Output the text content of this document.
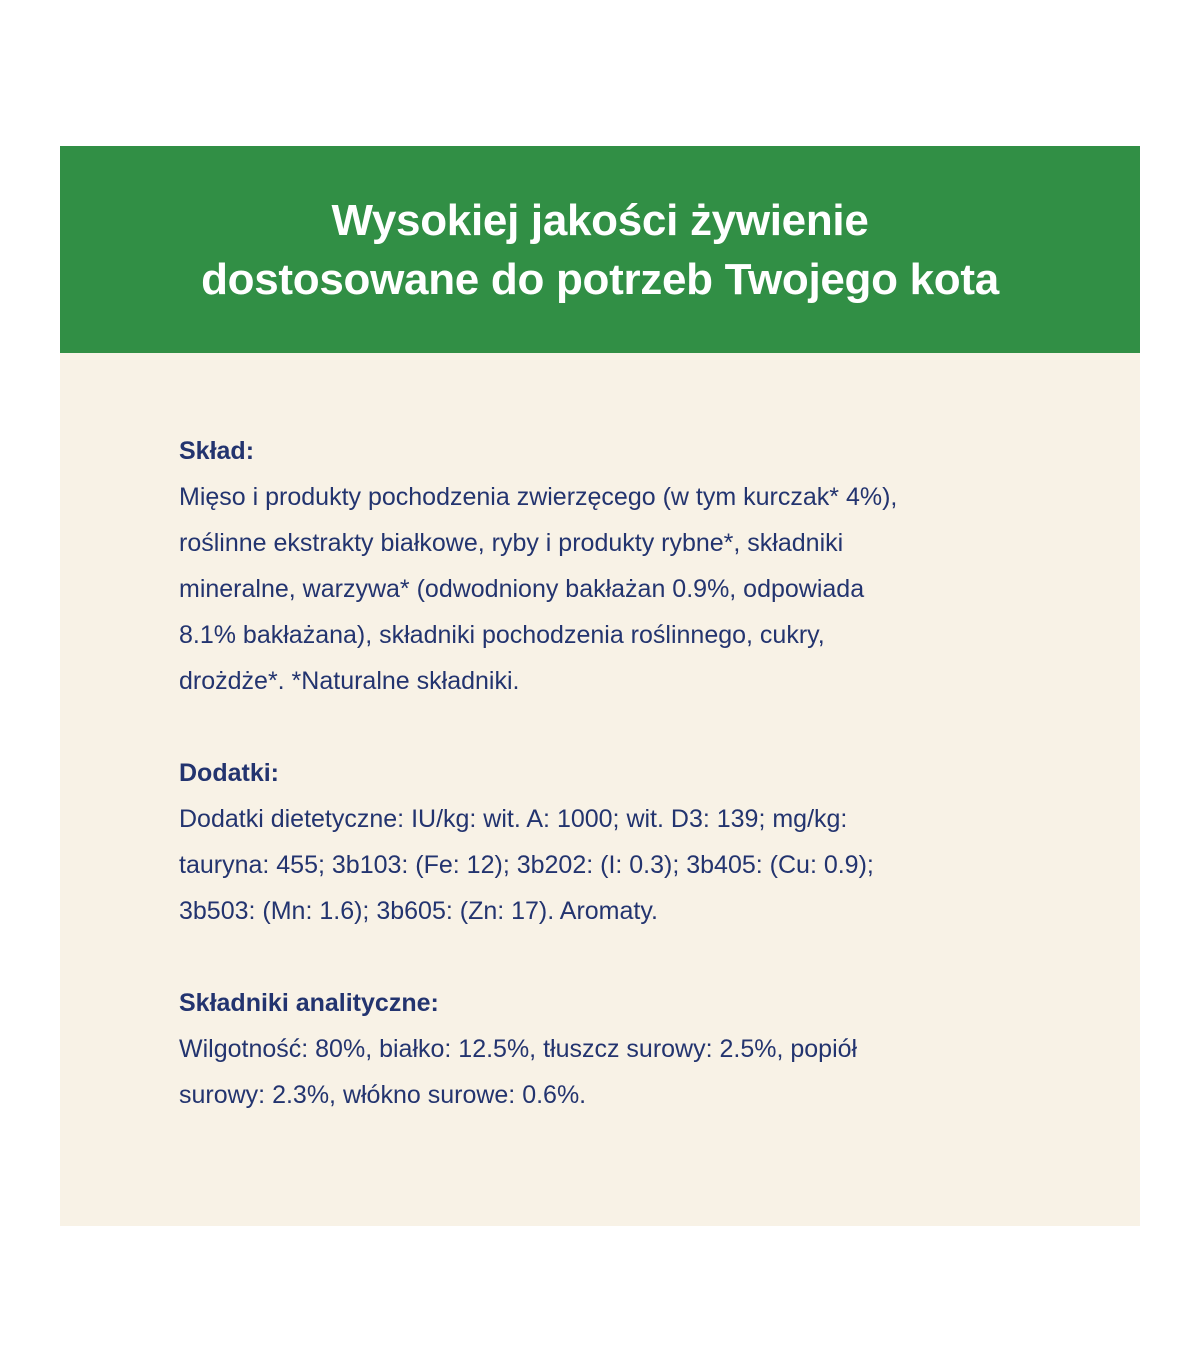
Wysokiej jakości żywienie
dostosowane do potrzeb Twojego kota

Skład:

Mięso i produkty pochodzenia zwierzęcego (w tym kurczak* 4%),

roślinne ekstrakty białkowe, ryby i produkty rybne*, składniki

mineralne, warzywa* (odwodniony bakłażan 0.9%, odpowiada

8.1% bakłażana), składniki pochodzenia roślinnego, cukry,

drożdże*. *Naturalne składniki.

Dodatki:

Dodatki dietetyczne: IU/kg: wit. A: 1000; wit. D3: 139; mg/kg:

tauryna: 455; 3b103: (Fe: 12); 3b202: (I: 0.3); 3b405: (Cu: 0.9);

3b503: (Mn: 1.6); 3b605: (Zn: 17). Aromaty.

Składniki analityczne:

Wilgotność: 80%, białko: 12.5%, tłuszcz surowy: 2.5%, popiół

surowy: 2.3%, włókno surowe: 0.6%.
